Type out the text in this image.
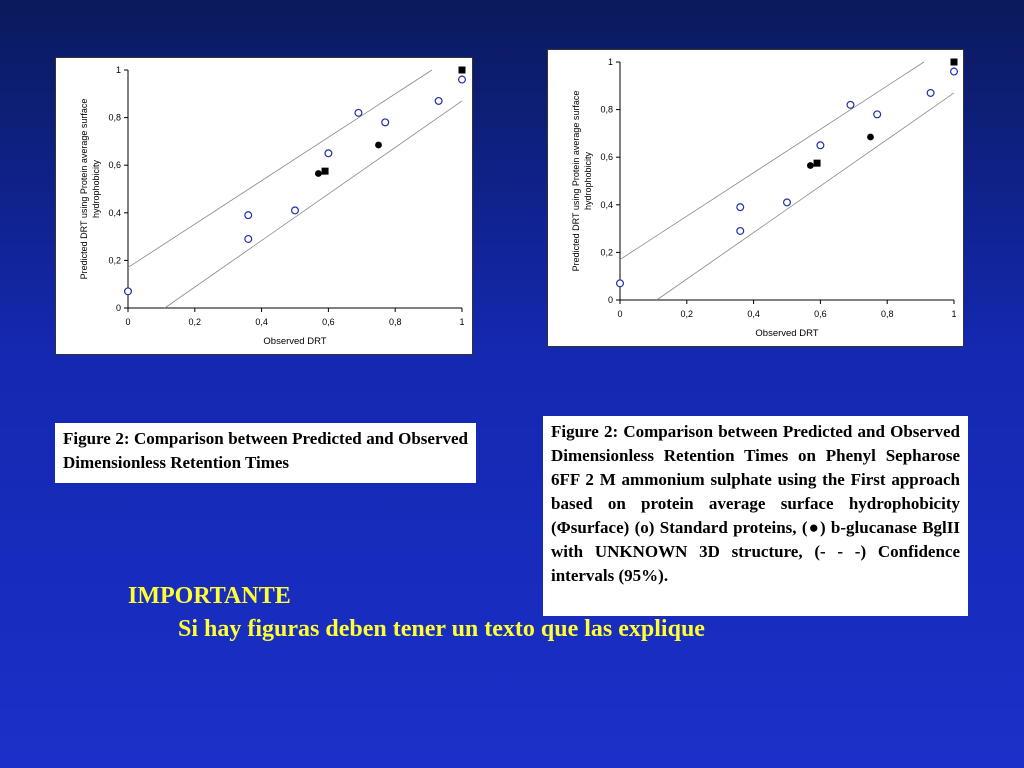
0	0,2	0,4	0,6	0,8	1
0
0,2
0,4
0,6
0,8
1
Observed DRT
Predicted DRT using Protein average surface hydrophobicity
0	0,2	0,4	0,6	0,8	1
0
0,2
0,4
0,6
0,8
1
Observed DRT
Predicted DRT using Protein average surface hydrophobicity
Figure 2: Comparison between Predicted and Observed Dimensionless Retention Times
Figure 2: Comparison between Predicted and Observed Dimensionless Retention Times on Phenyl Sepharose 6FF 2 M ammonium sulphate using the First approach based on protein average surface hydrophobicity (Φsurface) (o) Standard proteins, (●) b-glucanase BglII with UNKNOWN 3D structure, (- - -) Confidence intervals (95%).

IMPORTANTE

Si hay figuras deben tener un texto que las explique
